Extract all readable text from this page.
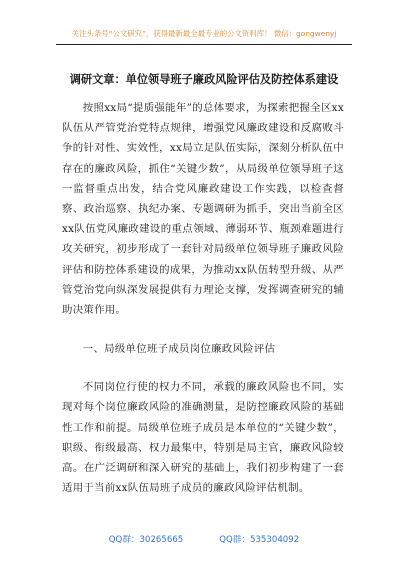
关注头条号“公文研究”，获得最新最全最专业的公文资料库！ 微信：gongwenyj
调研文章：单位领导班子廉政风险评估及防控体系建设

按照xx局“提质强能年”的总体要求，为探索把握全区xx队伍从严管党治党特点规律，增强党风廉政建设和反腐败斗争的针对性、实效性，xx局立足队伍实际，深刻分析队伍中存在的廉政风险，抓住“关键少数”，从局级单位领导班子这一监督重点出发，结合党风廉政建设工作实践，以检查督察、政治巡察、执纪办案、专题调研为抓手，突出当前全区xx队伍党风廉政建设的重点领域、薄弱环节、瓶颈难题进行攻关研究，初步形成了一套针对局级单位领导班子廉政风险评估和防控体系建设的成果，为推动xx队伍转型升级、从严管党治党向纵深发展提供有力理论支撑，发挥调查研究的辅助决策作用。

一、局级单位班子成员岗位廉政风险评估

不同岗位行使的权力不同，承载的廉政风险也不同，实现对每个岗位廉政风险的准确测量，是防控廉政风险的基础性工作和前提。局级单位班子成员是本单位的“关键少数”，职级、衔级最高、权力最集中，特别是局主官，廉政风险较高。在广泛调研和深入研究的基础上，我们初步构建了一套适用于当前xx队伍局班子成员的廉政风险评估机制。

QQ群：30265665	QQ群：535304092
